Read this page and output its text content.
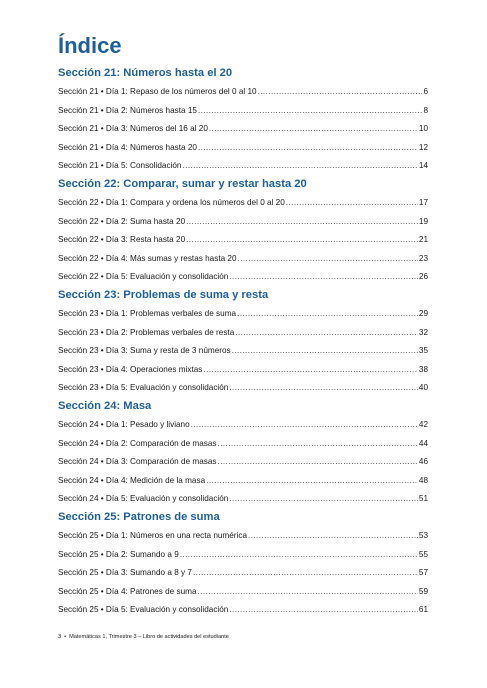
Índice
Sección 21: Números hasta el 20
Sección 21 • Día 1: Repaso de los números del 0 al 10 .....	6
Sección 21 • Día 2: Números hasta 15 .....	8
Sección 21 • Día 3: Números del 16 al 20 .....	10
Sección 21 • Día 4: Números hasta 20 .....	12
Sección 21 • Día 5: Consolidación .....	14
Sección 22: Comparar, sumar y restar hasta 20
Sección 22 • Día 1: Compara y ordena los números del 0 al 20 .....	17
Sección 22 • Día 2: Suma hasta 20 .....	19
Sección 22 • Día 3: Resta hasta 20 .....	21
Sección 22 • Día 4: Más sumas y restas hasta 20 .....	23
Sección 22 • Día 5: Evaluación y consolidación .....	26
Sección 23: Problemas de suma y resta
Sección 23 • Día 1: Problemas verbales de suma .....	29
Sección 23 • Día 2: Problemas verbales de resta .....	32
Sección 23 • Día 3: Suma y resta de 3 números .....	35
Sección 23 • Día 4: Operaciones mixtas .....	38
Sección 23 • Día 5: Evaluación y consolidación .....	40
Sección 24: Masa
Sección 24 • Día 1: Pesado y liviano .....	42
Sección 24 • Día 2: Comparación de masas .....	44
Sección 24 • Día 3: Comparación de masas .....	46
Sección 24 • Día 4: Medición de la masa .....	48
Sección 24 • Día 5: Evaluación y consolidación .....	51
Sección 25: Patrones de suma
Sección 25 • Día 1: Números en una recta numérica .....	53
Sección 25 • Día 2: Sumando a 9 .....	55
Sección 25 • Día 3: Sumando a 8 y 7 .....	57
Sección 25 • Día 4: Patrones de suma .....	59
Sección 25 • Día 5: Evaluación y consolidación .....	61
3 • Matemáticas 1, Trimestre 3 – Libro de actividades del estudiante
